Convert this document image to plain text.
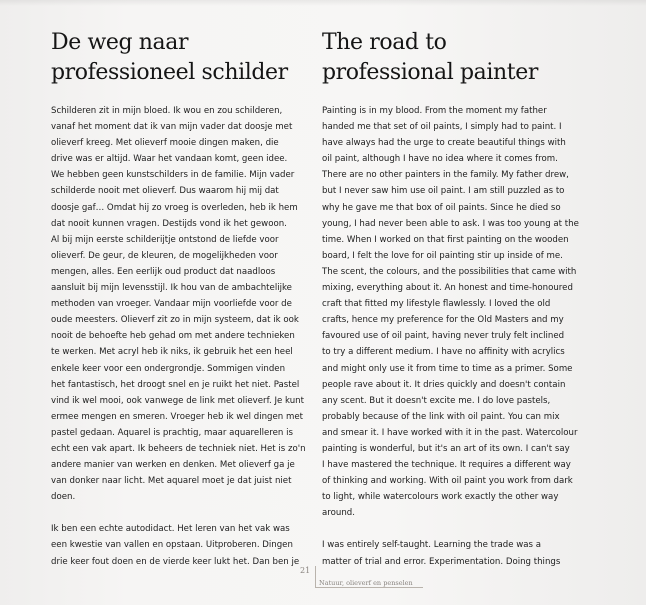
De weg naar
professioneel schilder
Schilderen zit in mijn bloed. Ik wou en zou schilderen,
vanaf het moment dat ik van mijn vader dat doosje met
olieverf kreeg. Met olieverf mooie dingen maken, die
drive was er altijd. Waar het vandaan komt, geen idee.
We hebben geen kunstschilders in de familie. Mijn vader
schilderde nooit met olieverf. Dus waarom hij mij dat
doosje gaf… Omdat hij zo vroeg is overleden, heb ik hem
dat nooit kunnen vragen. Destijds vond ik het gewoon.
Al bij mijn eerste schilderijtje ontstond de liefde voor
olieverf. De geur, de kleuren, de mogelijkheden voor
mengen, alles. Een eerlijk oud product dat naadloos
aansluit bij mijn levensstijl. Ik hou van de ambachtelijke
methoden van vroeger. Vandaar mijn voorliefde voor de
oude meesters. Olieverf zit zo in mijn systeem, dat ik ook
nooit de behoefte heb gehad om met andere technieken
te werken. Met acryl heb ik niks, ik gebruik het een heel
enkele keer voor een ondergrondje. Sommigen vinden
het fantastisch, het droogt snel en je ruikt het niet. Pastel
vind ik wel mooi, ook vanwege de link met olieverf. Je kunt
ermee mengen en smeren. Vroeger heb ik wel dingen met
pastel gedaan. Aquarel is prachtig, maar aquarelleren is
echt een vak apart. Ik beheers de techniek niet. Het is zo'n
andere manier van werken en denken. Met olieverf ga je
van donker naar licht. Met aquarel moet je dat juist niet
doen.
Ik ben een echte autodidact. Het leren van het vak was
een kwestie van vallen en opstaan. Uitproberen. Dingen
drie keer fout doen en de vierde keer lukt het. Dan ben je
The road to
professional painter
Painting is in my blood. From the moment my father
handed me that set of oil paints, I simply had to paint. I
have always had the urge to create beautiful things with
oil paint, although I have no idea where it comes from.
There are no other painters in the family. My father drew,
but I never saw him use oil paint. I am still puzzled as to
why he gave me that box of oil paints. Since he died so
young, I had never been able to ask. I was too young at the
time. When I worked on that first painting on the wooden
board, I felt the love for oil painting stir up inside of me.
The scent, the colours, and the possibilities that came with
mixing, everything about it. An honest and time-honoured
craft that fitted my lifestyle flawlessly. I loved the old
crafts, hence my preference for the Old Masters and my
favoured use of oil paint, having never truly felt inclined
to try a different medium. I have no affinity with acrylics
and might only use it from time to time as a primer. Some
people rave about it. It dries quickly and doesn't contain
any scent. But it doesn't excite me. I do love pastels,
probably because of the link with oil paint. You can mix
and smear it. I have worked with it in the past. Watercolour
painting is wonderful, but it's an art of its own. I can't say
I have mastered the technique. It requires a different way
of thinking and working. With oil paint you work from dark
to light, while watercolours work exactly the other way
around.
I was entirely self-taught. Learning the trade was a
matter of trial and error. Experimentation. Doing things
21
Natuur, olieverf en penselen
